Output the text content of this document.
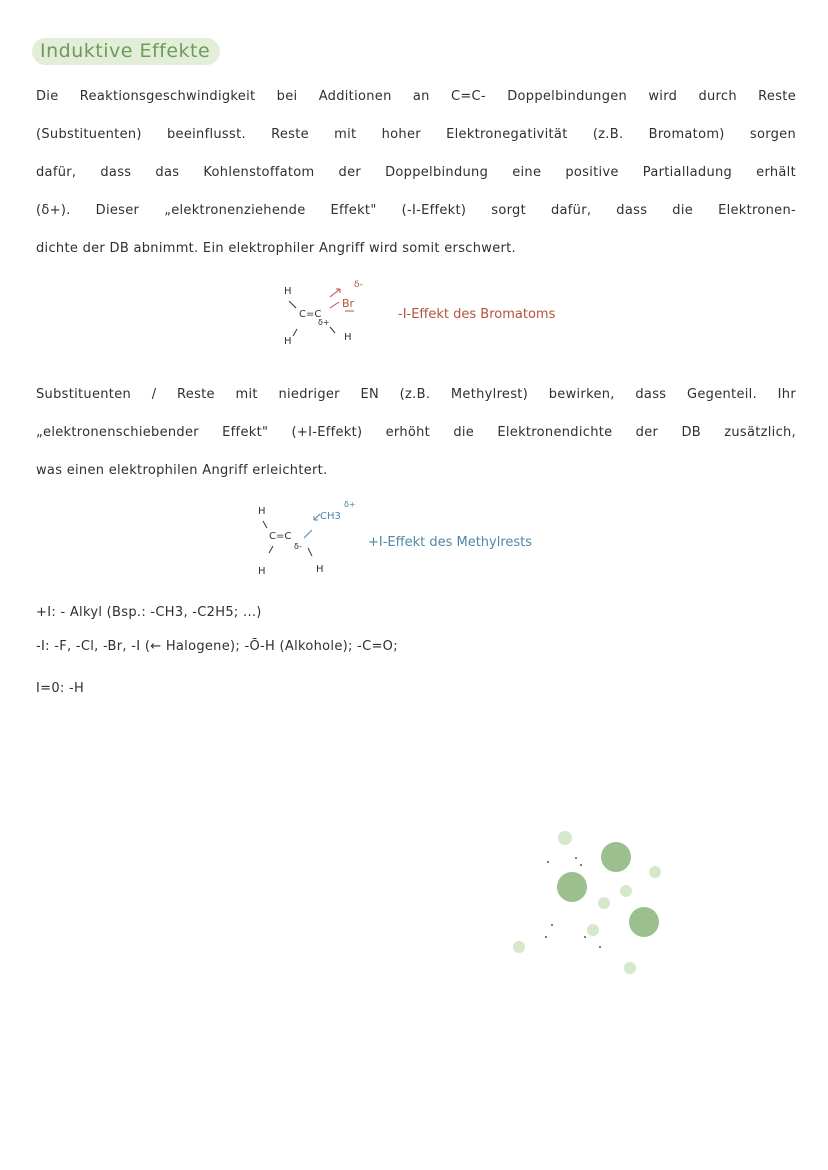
Induktive Effekte
Die Reaktionsgeschwindigkeit bei Additionen an C=C- Doppelbindungen wird durch Reste
(Substituenten) beeinflusst. Reste mit hoher Elektronegativität (z.B. Bromatom) sorgen
dafür, dass das Kohlenstoffatom der Doppelbindung eine positive Partialladung erhält
(δ+). Dieser „elektronenziehende Effekt" (-I-Effekt) sorgt dafür, dass die Elektronen-
dichte der DB abnimmt. Ein elektrophiler Angriff wird somit erschwert.
H
C=C
δ+
H	H
Br
δ-
-I-Effekt des Bromatoms
Substituenten / Reste mit niedriger EN (z.B. Methylrest) bewirken, dass Gegenteil. Ihr
„elektronenschiebender Effekt" (+I-Effekt) erhöht die Elektronendichte der DB zusätzlich,
was einen elektrophilen Angriff erleichtert.
H
C=C
δ-
H	H
CH3
δ+
+I-Effekt des Methylrests
+I: - Alkyl (Bsp.: -CH3, -C2H5; ...)
-I: -F, -Cl, -Br, -I (← Halogene); -Ō-H (Alkohole); -C=O;
I=0: -H
